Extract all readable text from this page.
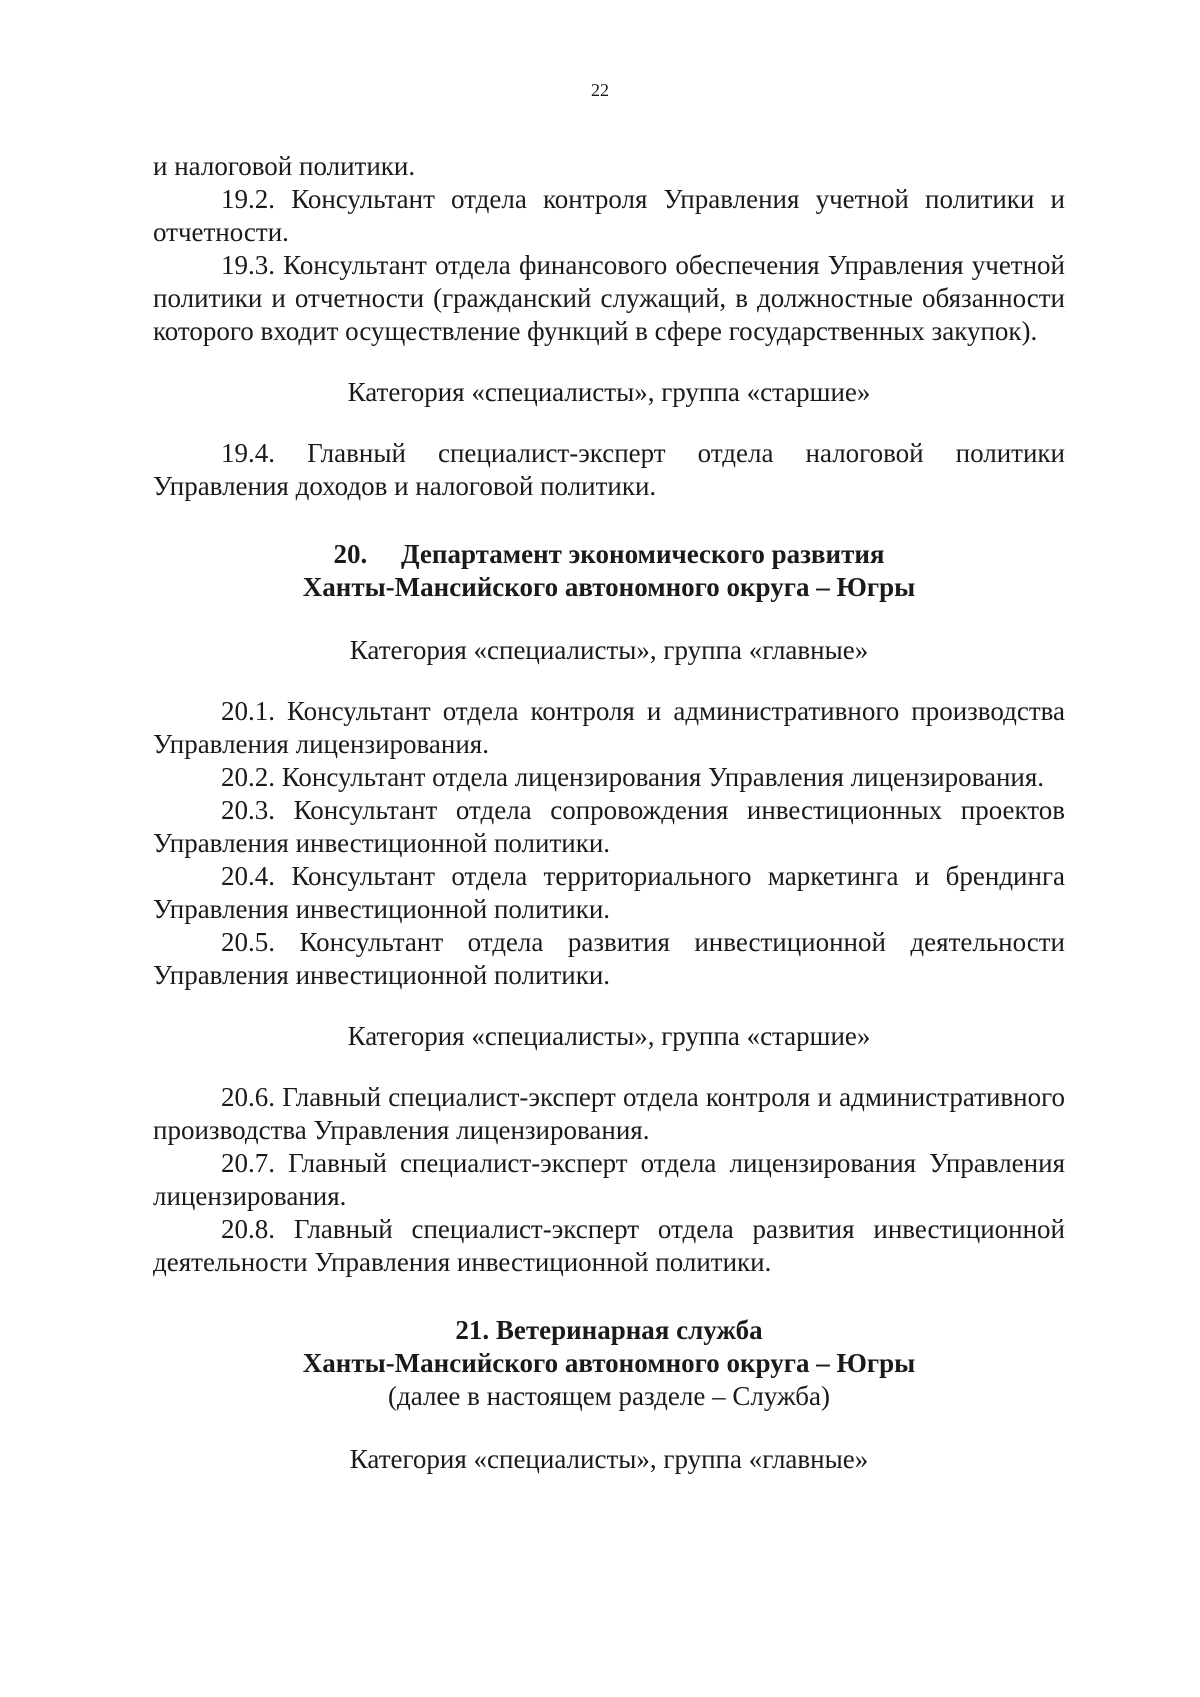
22

и налоговой политики.

19.2. Консультант отдела контроля Управления учетной политики и отчетности.

19.3. Консультант отдела финансового обеспечения Управления учетной политики и отчетности (гражданский служащий, в должностные обязанности которого входит осуществление функций в сфере государственных закупок).

Категория «специалисты», группа «старшие»

19.4. Главный специалист-эксперт отдела налоговой политики Управления доходов и налоговой политики.

20.     Департамент экономического развития

Ханты-Мансийского автономного округа – Югры

Категория «специалисты», группа «главные»

20.1. Консультант отдела контроля и административного производства Управления лицензирования.

20.2. Консультант отдела лицензирования Управления лицензирования.

20.3. Консультант отдела сопровождения инвестиционных проектов Управления инвестиционной политики.

20.4. Консультант отдела территориального маркетинга и брендинга Управления инвестиционной политики.

20.5. Консультант отдела развития инвестиционной деятельности Управления инвестиционной политики.

Категория «специалисты», группа «старшие»

20.6. Главный специалист-эксперт отдела контроля и административного производства Управления лицензирования.

20.7. Главный специалист-эксперт отдела лицензирования Управления лицензирования.

20.8. Главный специалист-эксперт отдела развития инвестиционной деятельности Управления инвестиционной политики.

21. Ветеринарная служба

Ханты-Мансийского автономного округа – Югры

(далее в настоящем разделе – Служба)

Категория «специалисты», группа «главные»
